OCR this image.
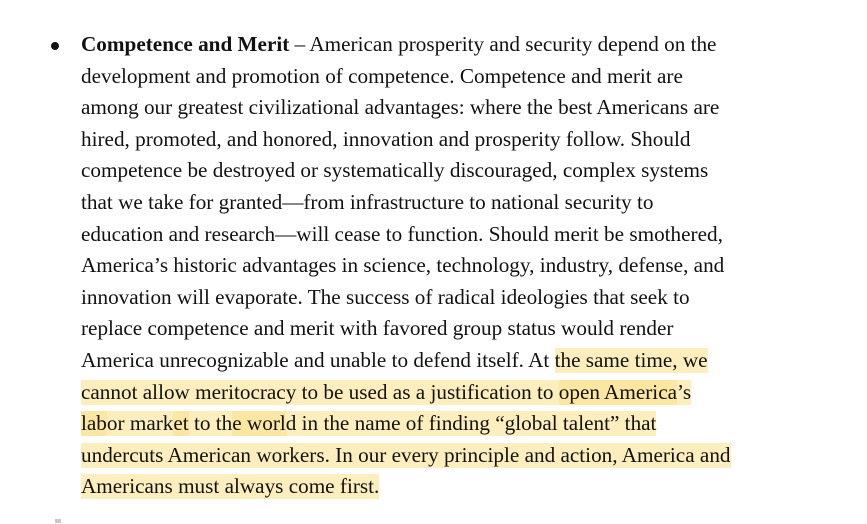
Competence and Merit – American prosperity and security depend on the
development and promotion of competence. Competence and merit are
among our greatest civilizational advantages: where the best Americans are
hired, promoted, and honored, innovation and prosperity follow. Should
competence be destroyed or systematically discouraged, complex systems
that we take for granted—from infrastructure to national security to
education and research—will cease to function. Should merit be smothered,
America’s historic advantages in science, technology, industry, defense, and
innovation will evaporate. The success of radical ideologies that seek to
replace competence and merit with favored group status would render
America unrecognizable and unable to defend itself. At the same time, we
cannot allow meritocracy to be used as a justification to open America’s
labor market to the world in the name of finding “global talent” that
undercuts American workers. In our every principle and action, America and
Americans must always come first.
